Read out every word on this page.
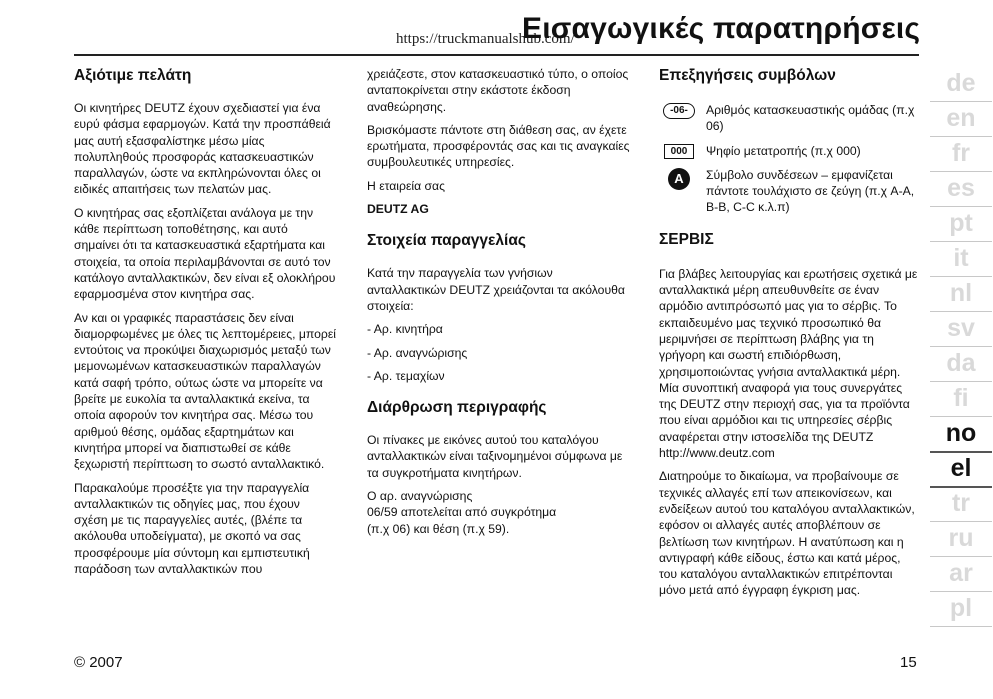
https://truckmanualshub.com/
Εισαγωγικές παρατηρήσεις
Αξιότιμε πελάτη

Οι κινητήρες DEUTZ έχουν σχεδιαστεί για ένα ευρύ φάσμα εφαρμογών. Κατά την προσπάθειά μας αυτή εξασφαλίστηκε μέσω μίας πολυπληθούς προσφοράς κατασκευαστικών παραλλαγών, ώστε να εκπληρώνονται όλες οι ειδικές απαιτήσεις των πελατών μας.

Ο κινητήρας σας εξοπλίζεται ανάλογα με την κάθε περίπτωση τοποθέτησης, και αυτό σημαίνει ότι τα κατασκευαστικά εξαρτήματα και στοιχεία, τα οποία περιλαμβάνονται σε αυτό τον κατάλογο ανταλλακτικών, δεν είναι εξ ολοκλήρου εφαρμοσμένα στον κινητήρα σας.

Αν και οι γραφικές παραστάσεις δεν είναι διαμορφωμένες με όλες τις λεπτομέρειες, μπορεί εντούτοις να προκύψει διαχωρισμός μεταξύ των μεμονωμένων κατασκευαστικών παραλλαγών κατά σαφή τρόπο, ούτως ώστε να μπορείτε να βρείτε με ευκολία τα ανταλλακτικά εκείνα, τα οποία αφορούν τον κινητήρα σας. Μέσω του αριθμού θέσης, ομάδας εξαρτημάτων και κινητήρα μπορεί να διαπιστωθεί σε κάθε ξεχωριστή περίπτωση το σωστό ανταλλακτικό.

Παρακαλούμε προσέξτε για την παραγγελία ανταλλακτικών τις οδηγίες μας, που έχουν σχέση με τις παραγγελίες αυτές, (βλέπε τα ακόλουθα υποδείγματα), με σκοπό να σας προσφέρουμε μία σύντομη και εμπιστευτική παράδοση των ανταλλακτικών που

χρειάζεστε, στον κατασκευαστικό τύπο, ο οποίος ανταποκρίνεται στην εκάστοτε έκδοση αναθεώρησης.

Βρισκόμαστε πάντοτε στη διάθεση σας, αν έχετε ερωτήματα, προσφέροντάς σας και τις αναγκαίες συμβουλευτικές υπηρεσίες.

Η εταιρεία σας

DEUTZ AG

Στοιχεία παραγγελίας

Κατά την παραγγελία των γνήσιων ανταλλακτικών DEUTZ χρειάζονται τα ακόλουθα στοιχεία:

- Αρ. κινητήρα

- Αρ. αναγνώρισης

- Αρ. τεμαχίων

Διάρθρωση περιγραφής

Οι πίνακες με εικόνες αυτού του καταλόγου ανταλλακτικών είναι ταξινομημένοι σύμφωνα με τα συγκροτήματα κινητήρων.

Ο αρ. αναγνώρισης
06/59 αποτελείται από συγκρότημα
(π.χ 06) και θέση (π.χ 59).

Επεξηγήσεις συμβόλων
-06-	Αριθμός κατασκευαστικής ομάδας (π.χ 06)
000	Ψηφίο μετατροπής (π.χ 000)
A	Σύμβολο συνδέσεων – εμφανίζεται πάντοτε τουλάχιστο σε ζεύγη (π.χ A-A, B-B, C-C κ.λ.π)
ΣΕΡΒΙΣ

Για βλάβες λειτουργίας και ερωτήσεις σχετικά με ανταλλακτικά μέρη απευθυνθείτε σε έναν αρμόδιο αντιπρόσωπό μας για το σέρβις. Το εκπαιδευμένο μας τεχνικό προσωπικό θα μεριμνήσει σε περίπτωση βλάβης για τη γρήγορη και σωστή επιδιόρθωση, χρησιμοποιώντας γνήσια ανταλλακτικά μέρη. Μία συνοπτική αναφορά για τους συνεργάτες της DEUTZ στην περιοχή σας, για τα προϊόντα που είναι αρμόδιοι και τις υπηρεσίες σέρβις αναφέρεται στην ιστοσελίδα της DEUTZ http://www.deutz.com

Διατηρούμε το δικαίωμα, να προβαίνουμε σε τεχνικές αλλαγές επί των απεικονίσεων, και ενδείξεων αυτού του καταλόγου ανταλλακτικών, εφόσον οι αλλαγές αυτές αποβλέπουν σε βελτίωση των κινητήρων. Η ανατύπωση και η αντιγραφή κάθε είδους, έστω και κατά μέρος, του καταλόγου ανταλλακτικών επιτρέπονται μόνο μετά από έγγραφη έγκριση μας.

de
en
fr
es
pt
it
nl
sv
da
fi
no
el
tr
ru
ar
pl
© 2007	15
